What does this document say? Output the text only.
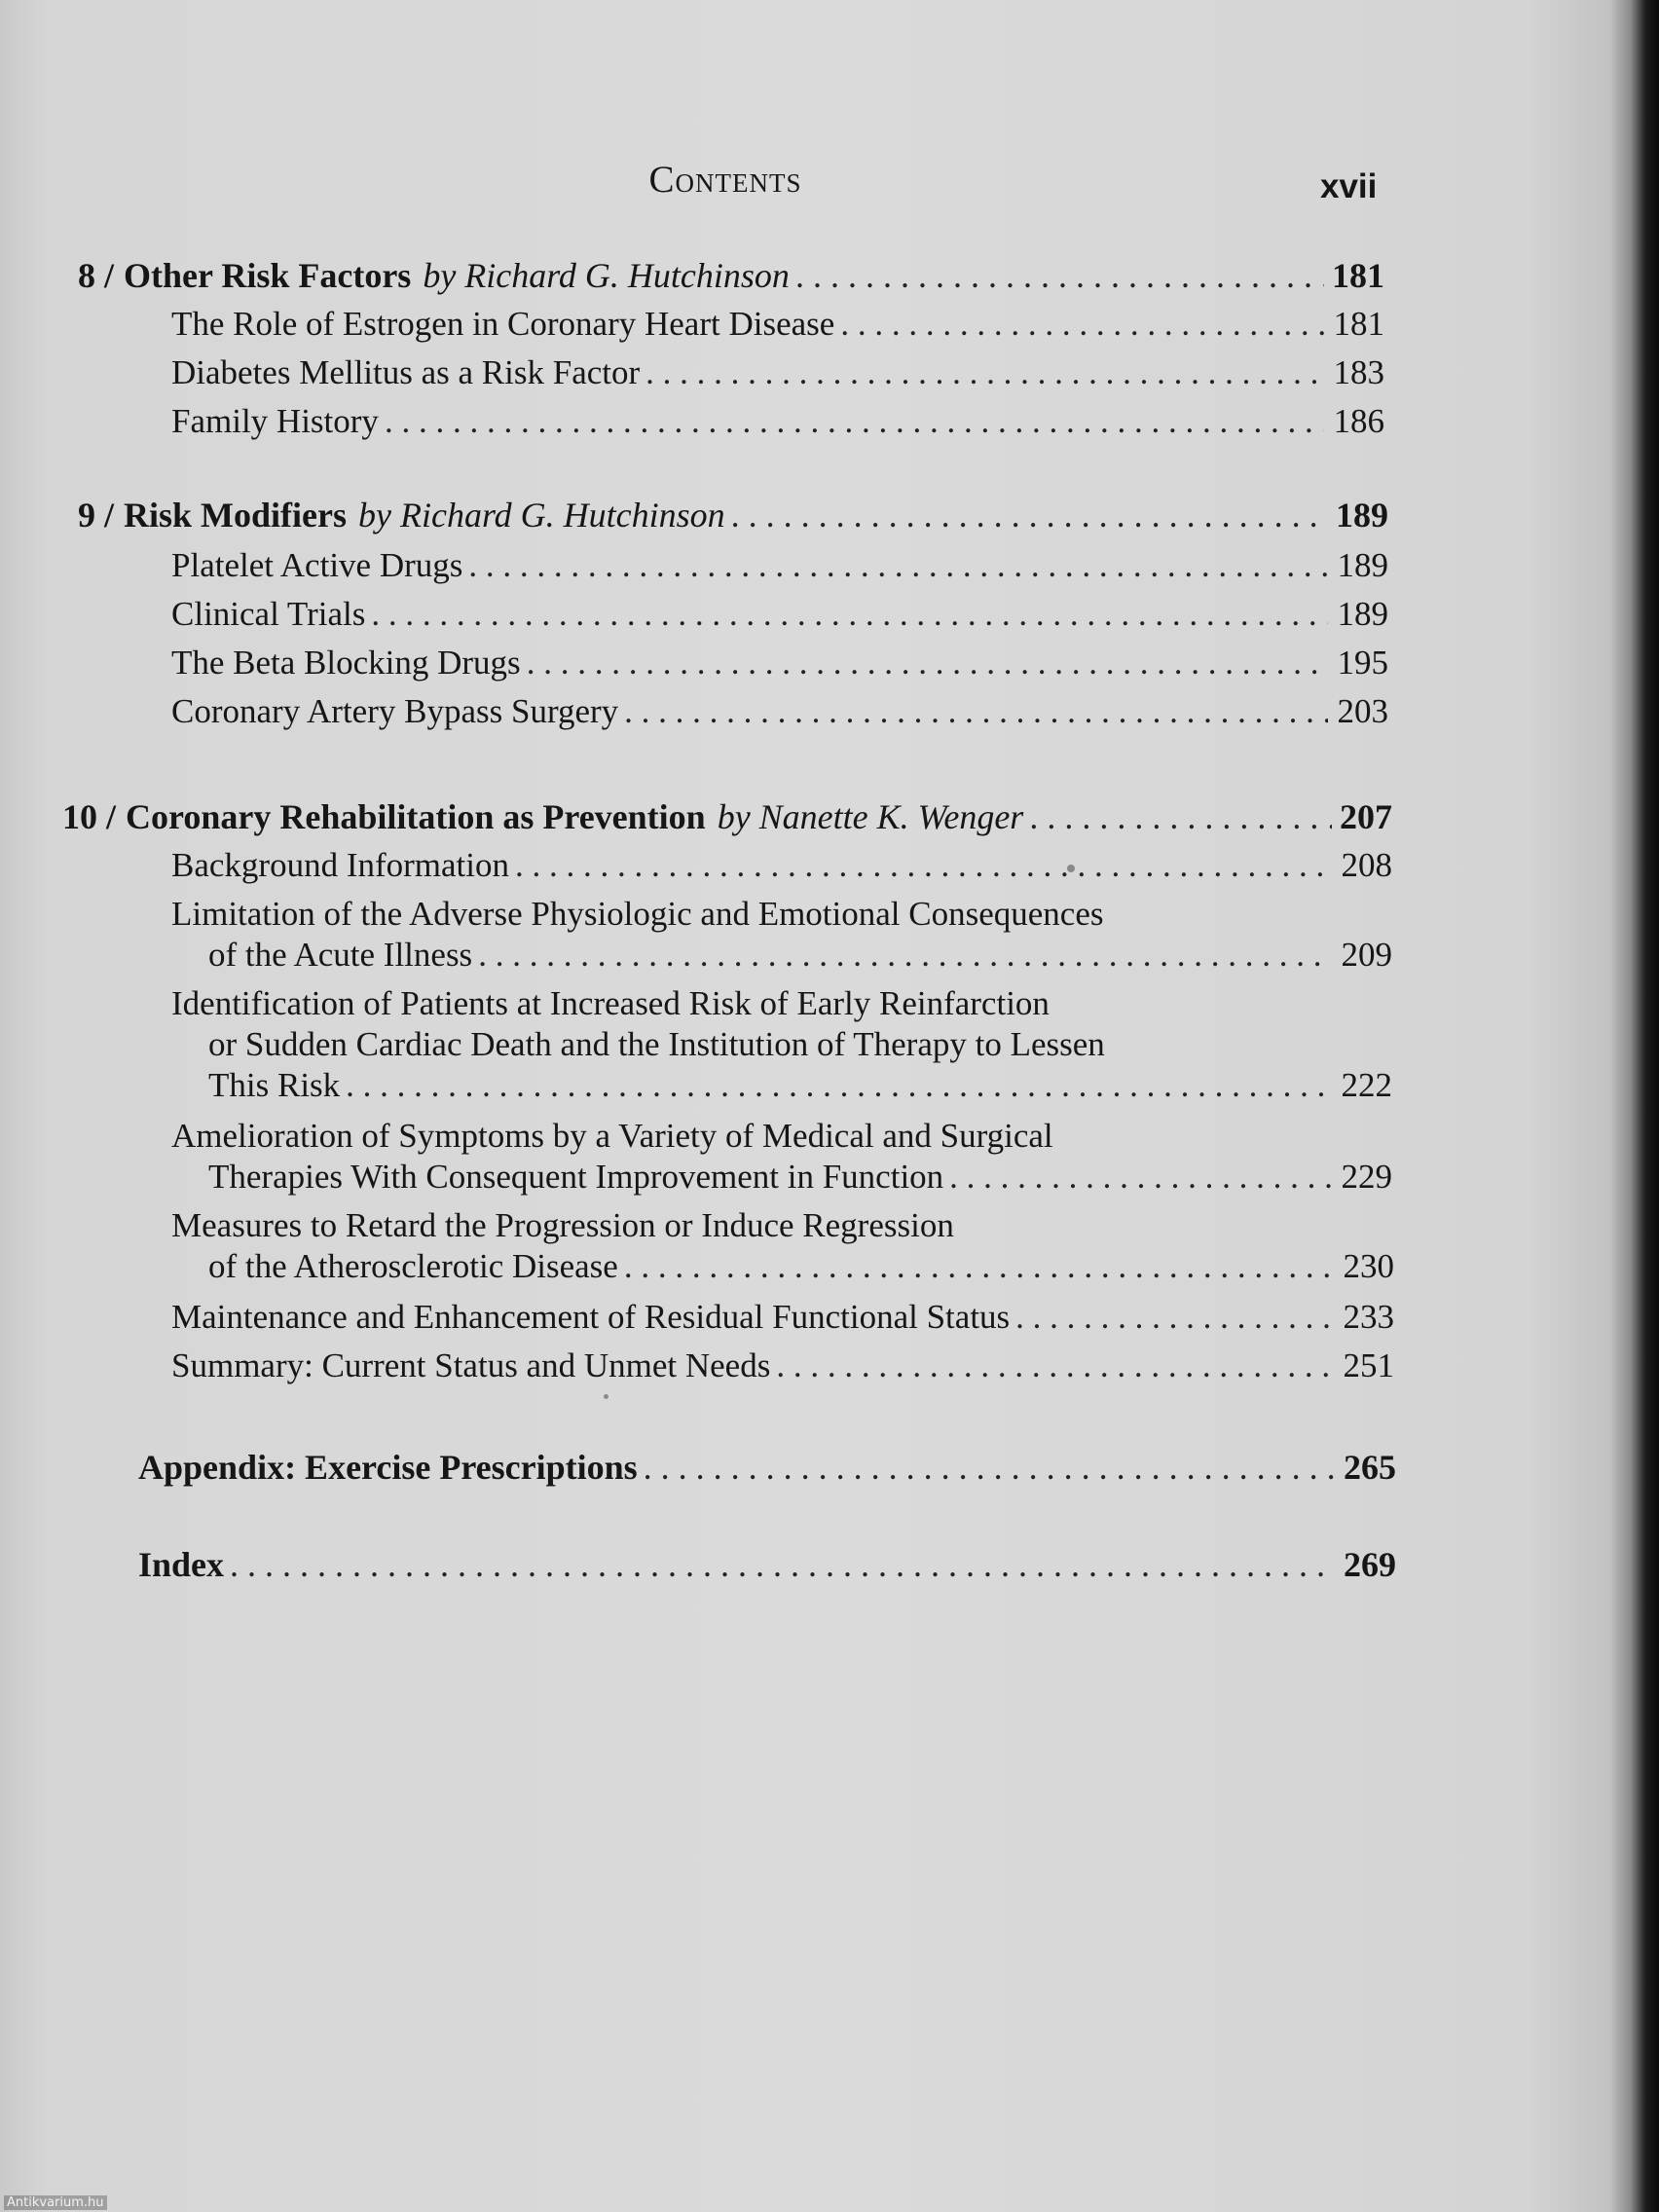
Contents	xvii
8 / Other Risk Factors by Richard G. Hutchinson . . .	181
The Role of Estrogen in Coronary Heart Disease . . .	181
Diabetes Mellitus as a Risk Factor . . .	183
Family History . . .	186
9 / Risk Modifiers by Richard G. Hutchinson . . .	189
Platelet Active Drugs . . .	189
Clinical Trials . . .	189
The Beta Blocking Drugs . . .	195
Coronary Artery Bypass Surgery . . .	203
10 / Coronary Rehabilitation as Prevention by Nanette K. Wenger . . .	207
Background Information . . .	208
Limitation of the Adverse Physiologic and Emotional Consequences
of the Acute Illness . . .	209
Identification of Patients at Increased Risk of Early Reinfarction
or Sudden Cardiac Death and the Institution of Therapy to Lessen
This Risk . . .	222
Amelioration of Symptoms by a Variety of Medical and Surgical
Therapies With Consequent Improvement in Function . . .	229
Measures to Retard the Progression or Induce Regression
of the Atherosclerotic Disease . . .	230
Maintenance and Enhancement of Residual Functional Status . . .	233
Summary: Current Status and Unmet Needs . . .	251
Appendix: Exercise Prescriptions . . .	265
Index . . .	269
Antikvarium.hu
